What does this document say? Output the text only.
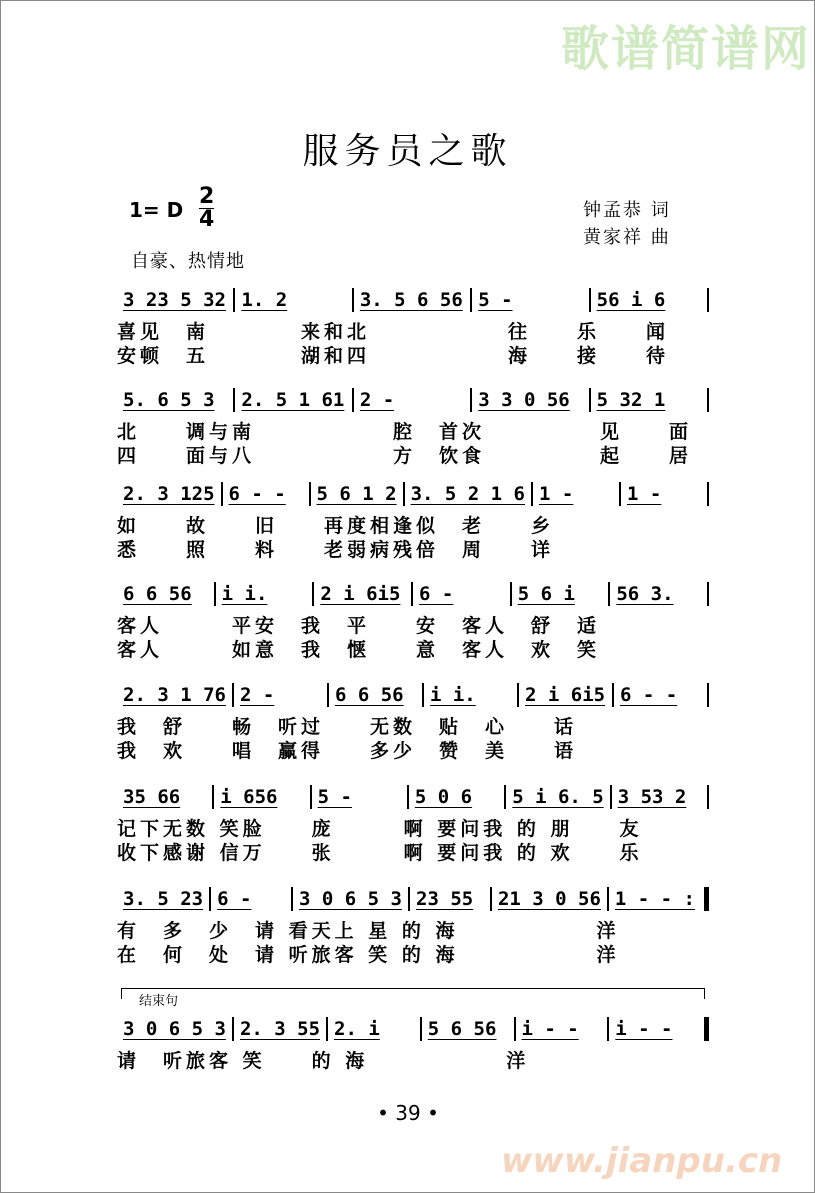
服务员之歌
1= D $\frac{2}{4}$	钟孟恭 词
黄家祥 曲
自豪、热情地
3 23 5 32 1. 2	3. 5 6 56 5 -	56 i 6
喜见　南　　　　来和北　　　　　　往　　乐　　闻
安顿　五　　　　湖和四　　　　　　海　　接　　待
5. 6 5 3	2. 5 1 61 2 -	3 3 0 56	5 32 1
北　　调与南　　　　　　腔　首次　　　　　见　　面
四　　面与八　　　　　　方　饮食　　　　　起　　居
2. 3 125 6 - -	5 6 1 2 3. 5 2 1 6 1 -	1 -
如　　故　　旧　　再度相逢似　老　　乡
悉　　照　　料　　老弱病残倍　周　　详
6 6 56	i i.	2 i 6i5 6 -	5 6 i	56 3.
客人　　　平安　我　平　　安　客人　舒　适
客人　　　如意　我　惬　　意　客人　欢　笑
2. 3 1 76 2 -	6 6 56	i i.	2 i 6i5 6 - -
我　舒　　畅　听过　　无数　贴　心　　话
我　欢　　唱　赢得　　多少　赞　美　　语
35 66	i 656	5 -	5 0 6	5 i 6. 5 3 53 2
记下无数 笑脸　　庞　　　啊 要问我 的 朋　　友
收下感谢 信万　　张　　　啊 要问我 的 欢　　乐
3. 5 23 6 -	3 0 6 5 3 23 55	21 3 0 56 1 - - :
有　多　少　请 看天上 星 的 海　　　　　　洋
在　何　处　请 听旅客 笑 的 海　　　　　　洋
3 0 6 5 3 2. 3 55 2. i	5 6 56	i - -	i - -
请　听旅客 笑　　的 海　　　　　　洋
结束句
• 39 •
歌谱简谱网
www.jianpu.cn
